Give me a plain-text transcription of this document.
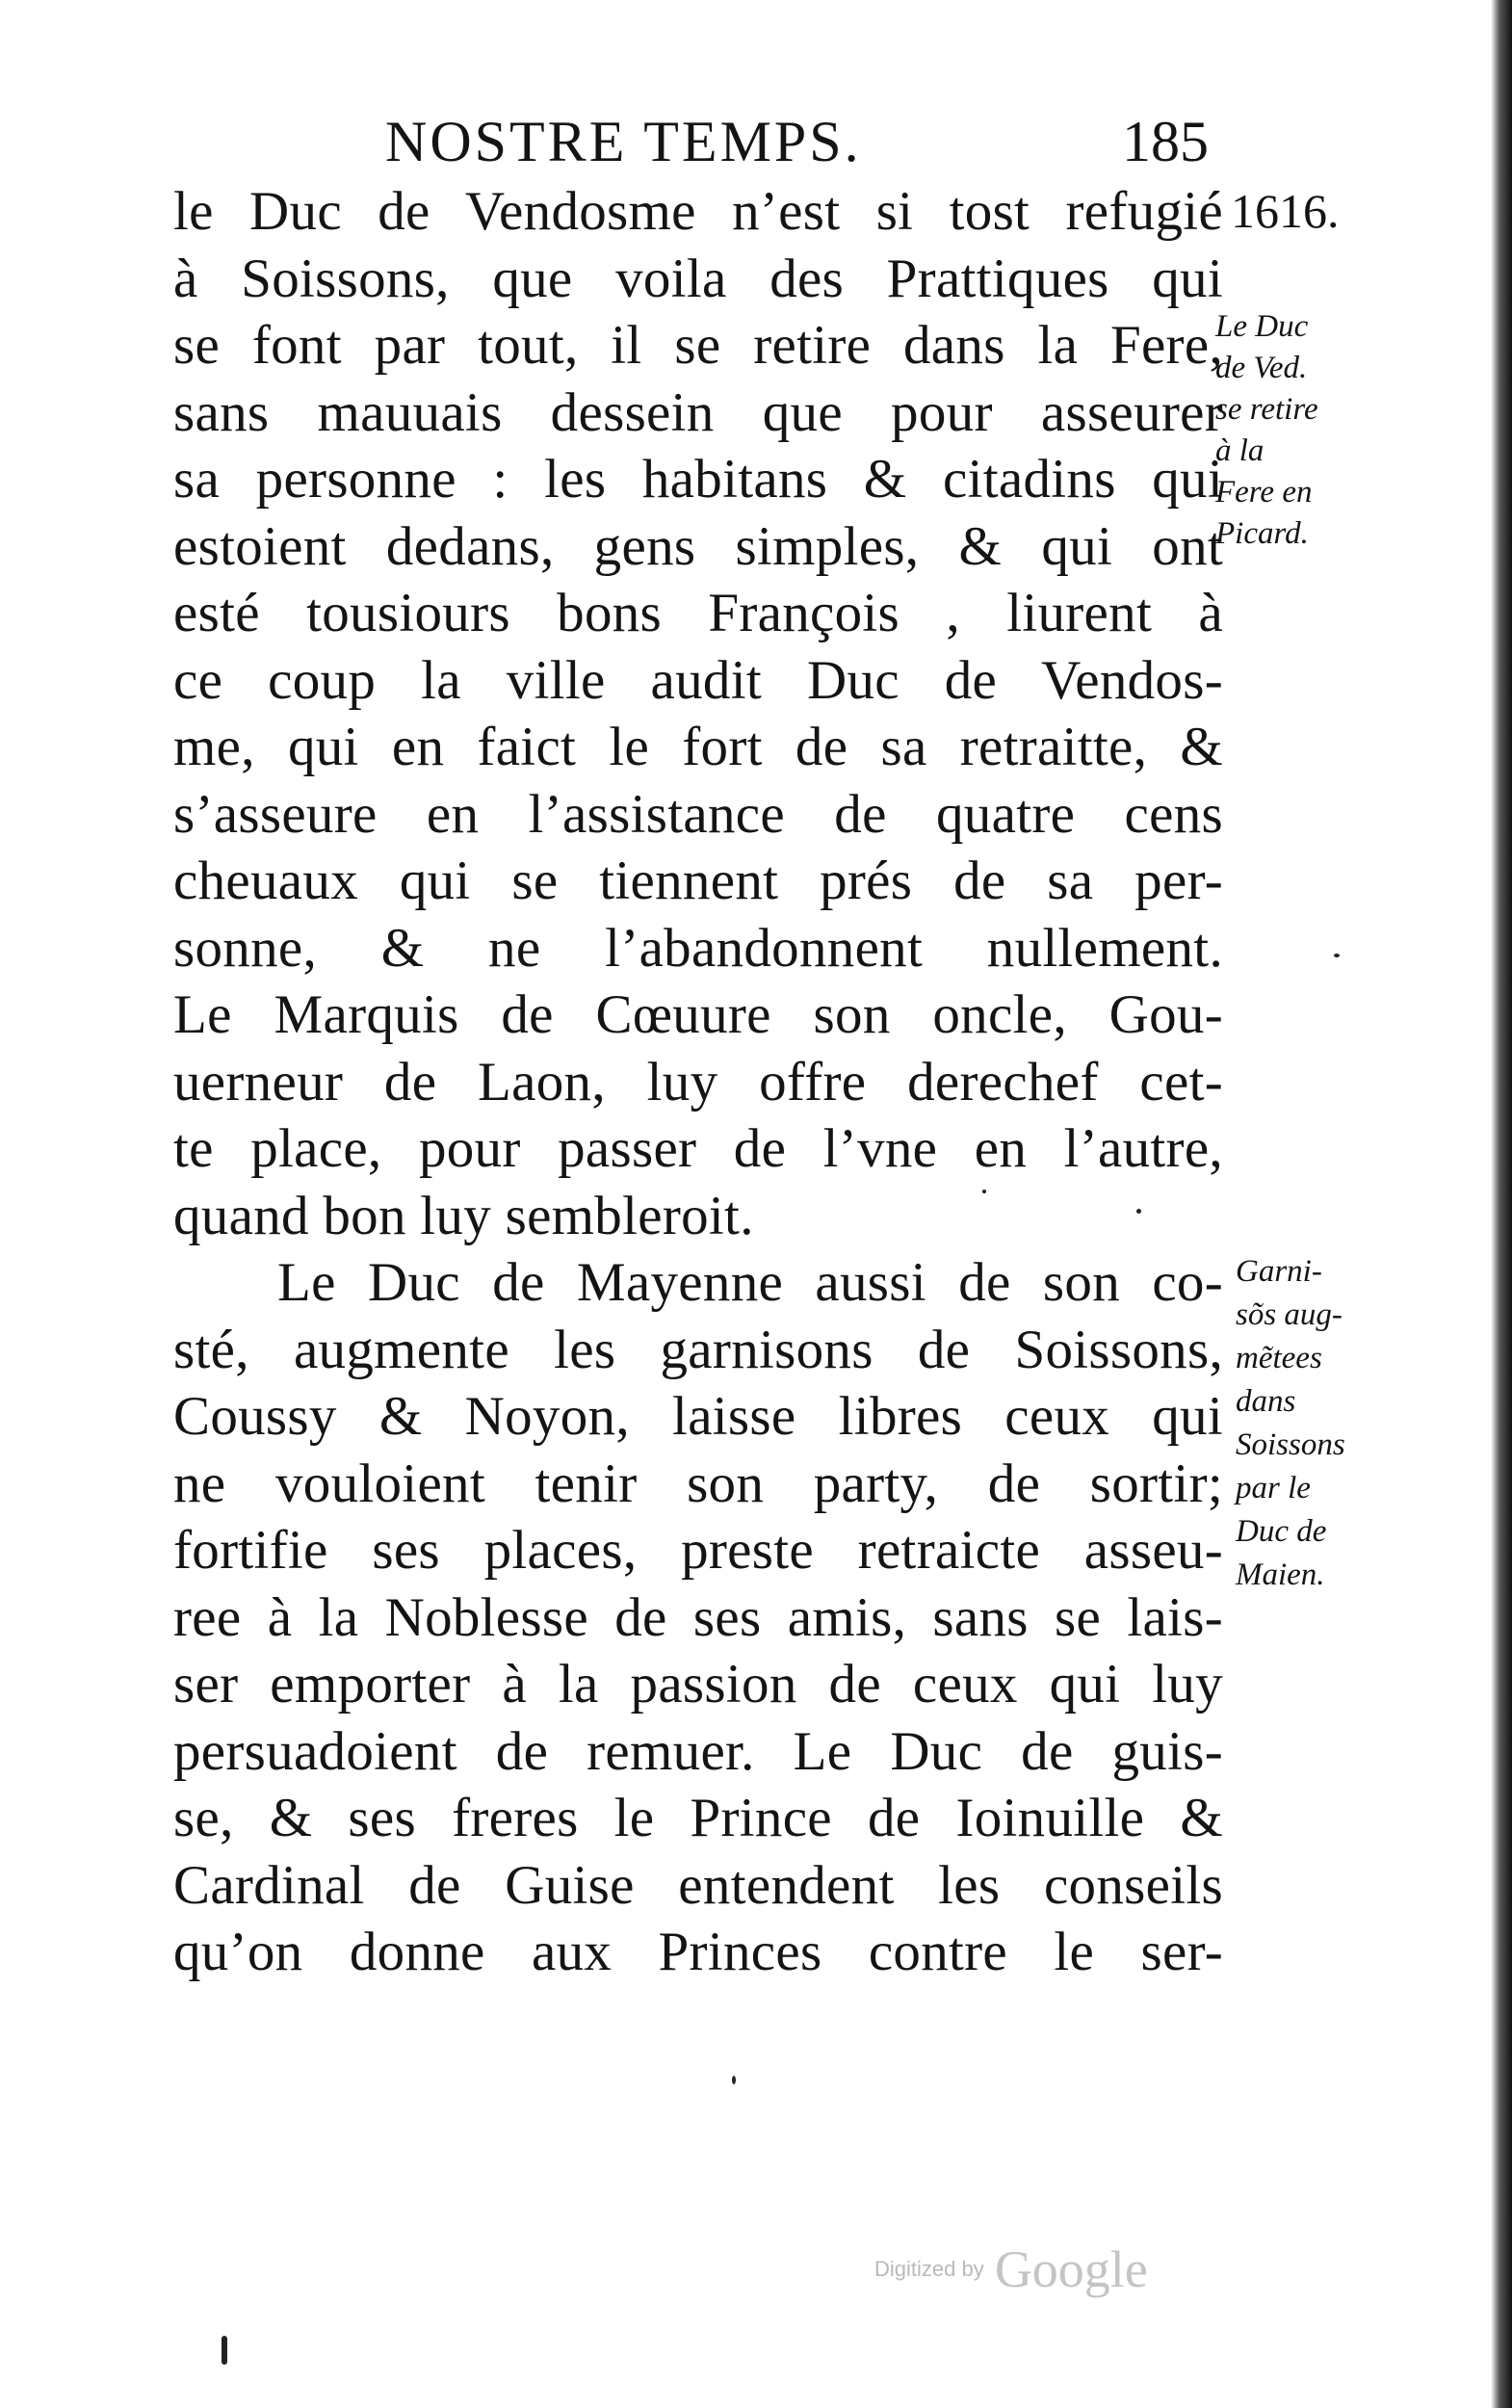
NOSTRE TEMPS.	185
1616.
le Duc de Vendosme n’est si tost refugié
à Soissons, que voila des Prattiques qui
se font par tout, il se retire dans la Fere,
sans mauuais dessein que pour asseurer
sa personne : les habitans & citadins qui
estoient dedans, gens simples, & qui ont
esté tousiours bons François , liurent à
ce coup la ville audit Duc de Vendos-
me, qui en faict le fort de sa retraitte, &
s’asseure en l’assistance de quatre cens
cheuaux qui se tiennent prés de sa per-
sonne, & ne l’abandonnent nullement.
Le Marquis de Cœuure son oncle, Gou-
uerneur de Laon, luy offre derechef cet-
te place, pour passer de l’vne en l’autre,
quand bon luy sembleroit.
Le Duc de Mayenne aussi de son co-
sté, augmente les garnisons de Soissons,
Coussy & Noyon, laisse libres ceux qui
ne vouloient tenir son party, de sortir;
fortifie ses places, preste retraicte asseu-
ree à la Noblesse de ses amis, sans se lais-
ser emporter à la passion de ceux qui luy
persuadoient de remuer. Le Duc de guis-
se, & ses freres le Prince de Ioinuille &
Cardinal de Guise entendent les conseils
qu’on donne aux Princes contre le ser-
Le Duc
de Ved.
se retire
à la
Fere en
Picard.
Garni-
sõs aug-
mẽtees
dans
Soissons
par le
Duc de
Maien.
Digitized by Google
